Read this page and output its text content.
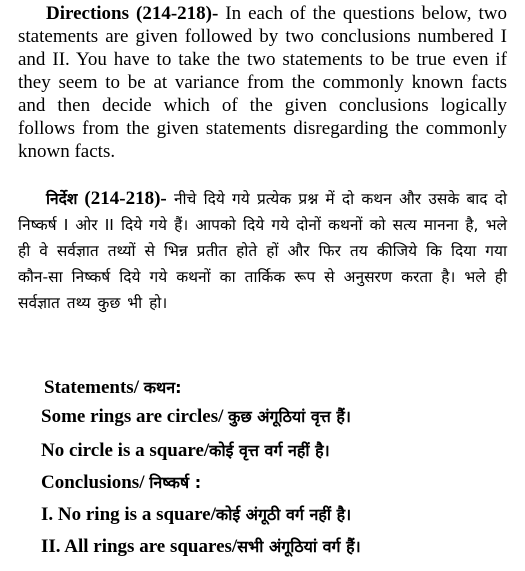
Directions (214-218)- In each of the questions below, two statements are given followed by two conclusions numbered I and II. You have to take the two statements to be true even if they seem to be at variance from the commonly known facts and then decide which of the given conclusions logically follows from the given statements disregarding the commonly known facts.

निर्देश (214-218)- नीचे दिये गये प्रत्येक प्रश्न में दो कथन और उसके बाद दो निष्कर्ष I ओर II दिये गये हैं। आपको दिये गये दोनों कथनों को सत्य मानना है, भले ही वे सर्वज्ञात तथ्यों से भिन्न प्रतीत होते हों और फिर तय कीजिये कि दिया गया कौन-सा निष्कर्ष दिये गये कथनों का तार्किक रूप से अनुसरण करता है। भले ही सर्वज्ञात तथ्य कुछ भी हो।

Statements/ कथन:
Some rings are circles/ कुछ अंगूठियां वृत्त हैं।
No circle is a square/कोई वृत्त वर्ग नहीं है।
Conclusions/ निष्कर्ष :
I. No ring is a square/कोई अंगूठी वर्ग नहीं है।
II. All rings are squares/सभी अंगूठियां वर्ग हैं।
